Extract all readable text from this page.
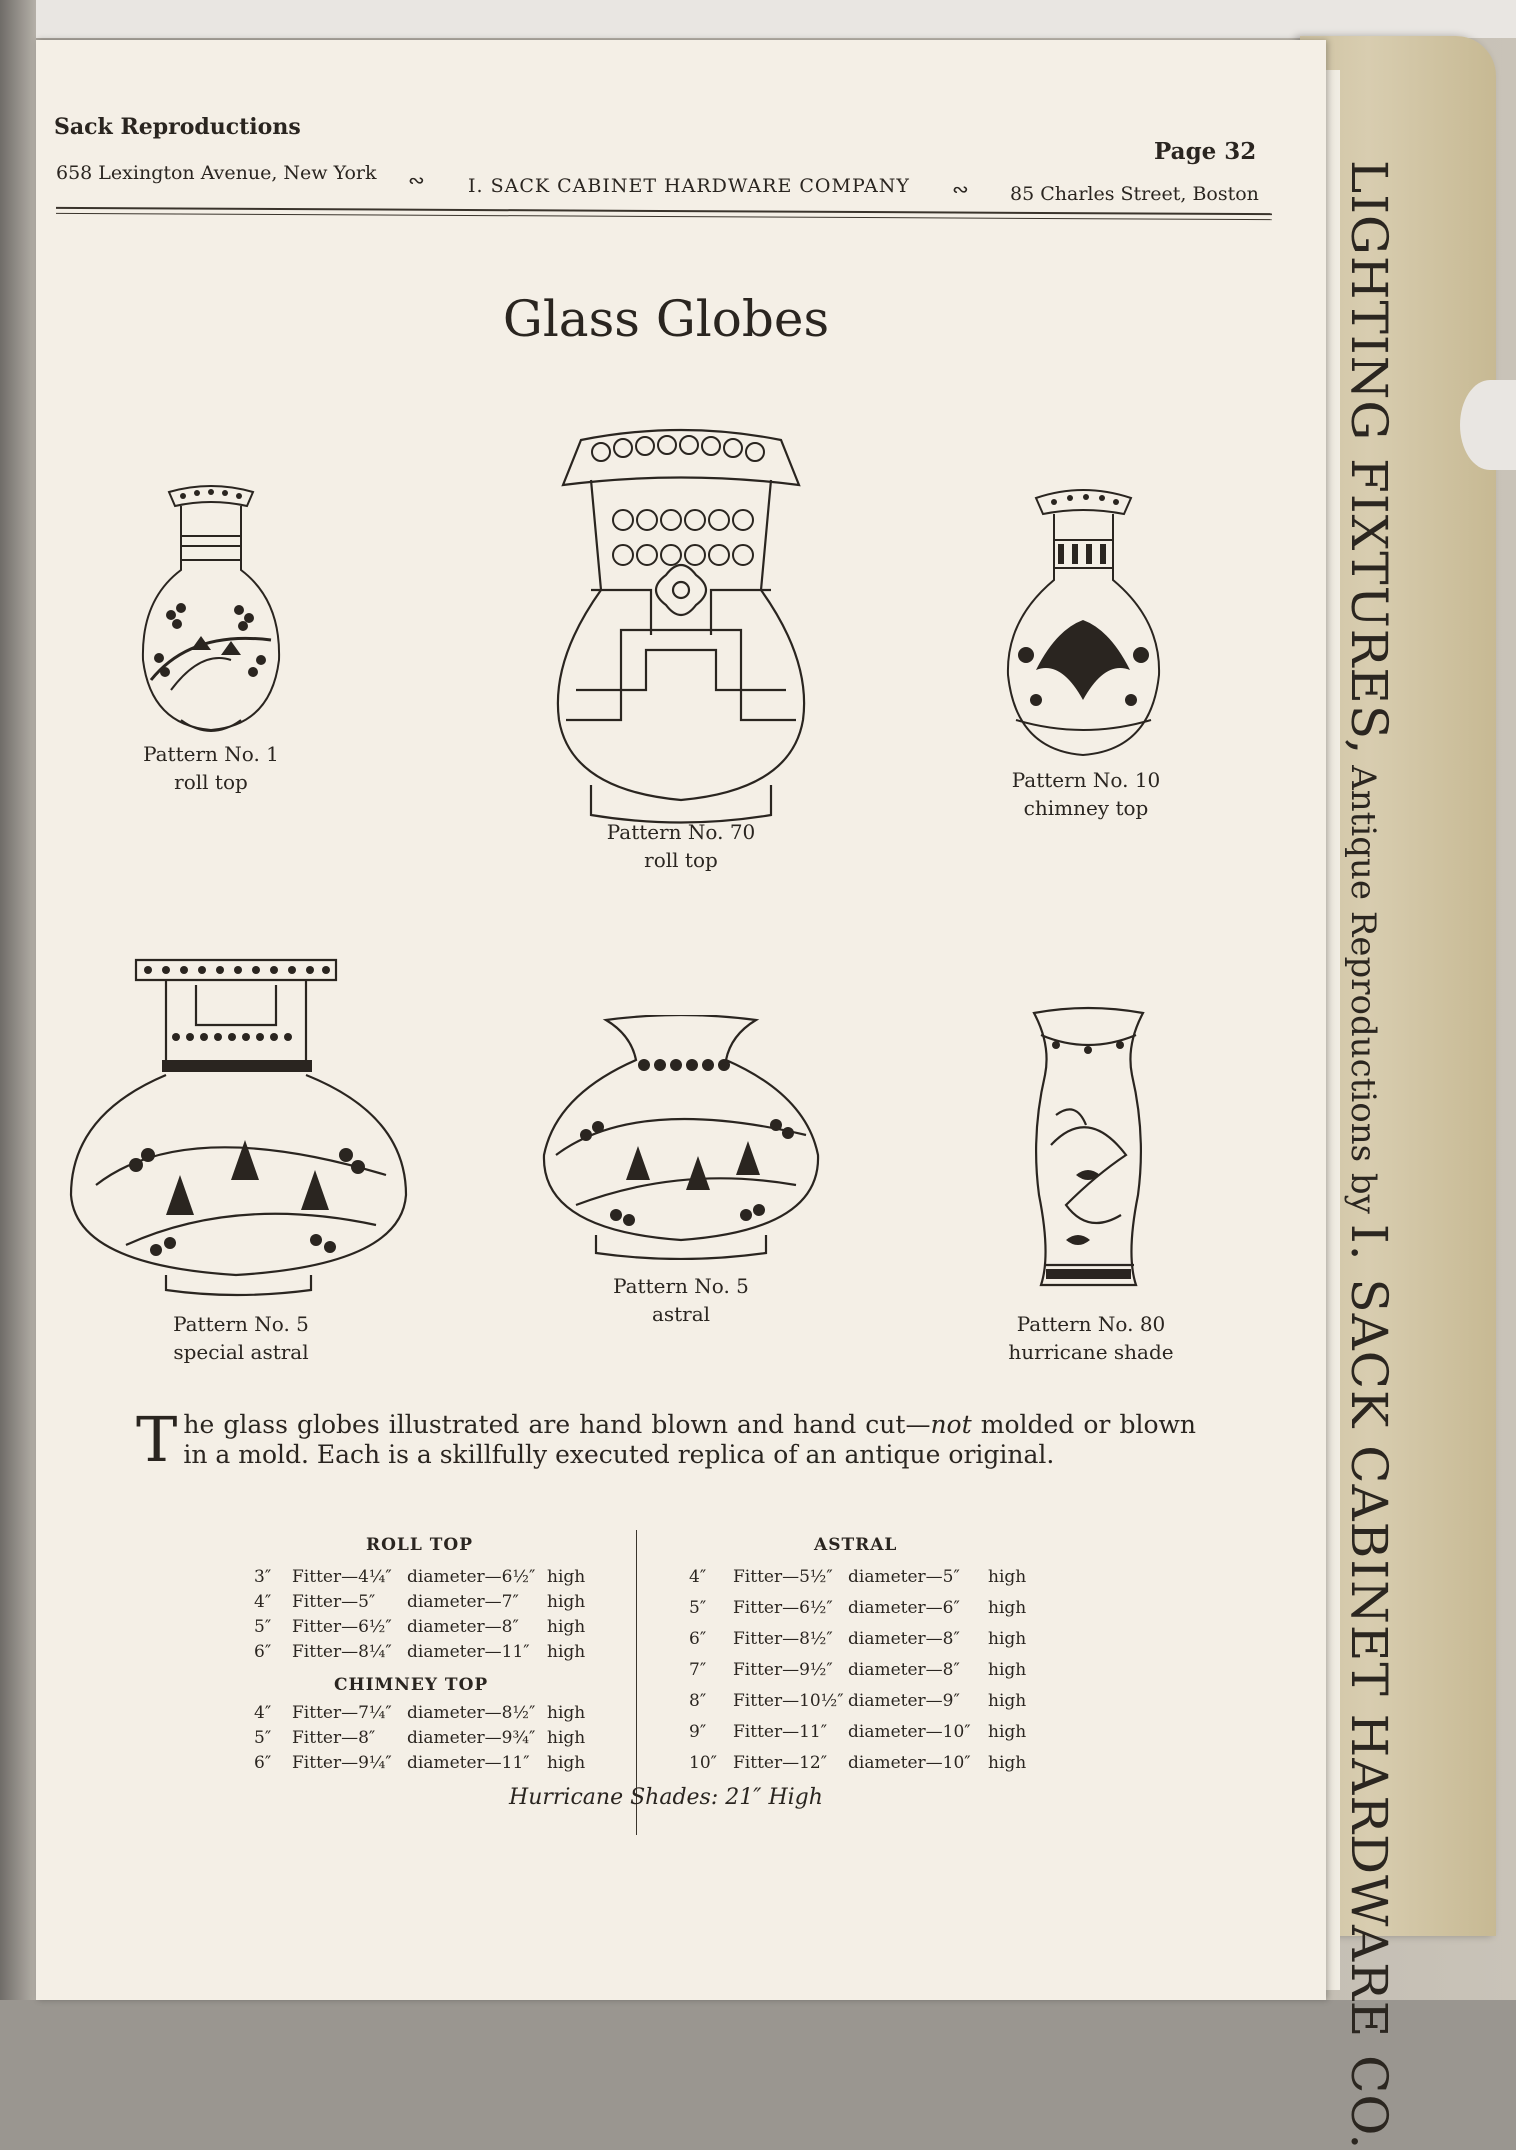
LIGHTING FIXTURES,
Antique Reproductions by
I. SACK CABINET HARDWARE CO.
Sack Reproductions
658 Lexington Avenue, New York ∾ I. SACK CABINET HARDWARE COMPANY ∾ 85 Charles Street, Boston
Page 32
Glass Globes
Pattern No. 1
roll top
Pattern No. 70
roll top
Pattern No. 10
chimney top
Pattern No. 5
special astral
Pattern No. 5
astral	Pattern No. 80
hurricane shade
The glass globes illustrated are hand blown and hand cut—not molded or blown in a mold. Each is a skillfully executed replica of an antique original.
ROLL TOP
3″	Fitter—4¼″ diameter—6½″ high
4″	Fitter—5″	diameter—7″	high
5″	Fitter—6½″ diameter—8″	high
6″	Fitter—8¼″ diameter—11″	high
CHIMNEY TOP
4″	Fitter—7¼″ diameter—8½″ high
5″	Fitter—8″	diameter—9¾″ high
6″	Fitter—9¼″ diameter—11″	high
ASTRAL
4″	Fitter—5½″ diameter—5″	high
5″	Fitter—6½″ diameter—6″	high
6″	Fitter—8½″ diameter—8″	high
7″	Fitter—9½″ diameter—8″	high
8″	Fitter—10½″ diameter—9″	high
9″	Fitter—11″	diameter—10″	high
10″ Fitter—12″	diameter—10″	high
Hurricane Shades: 21″ High
